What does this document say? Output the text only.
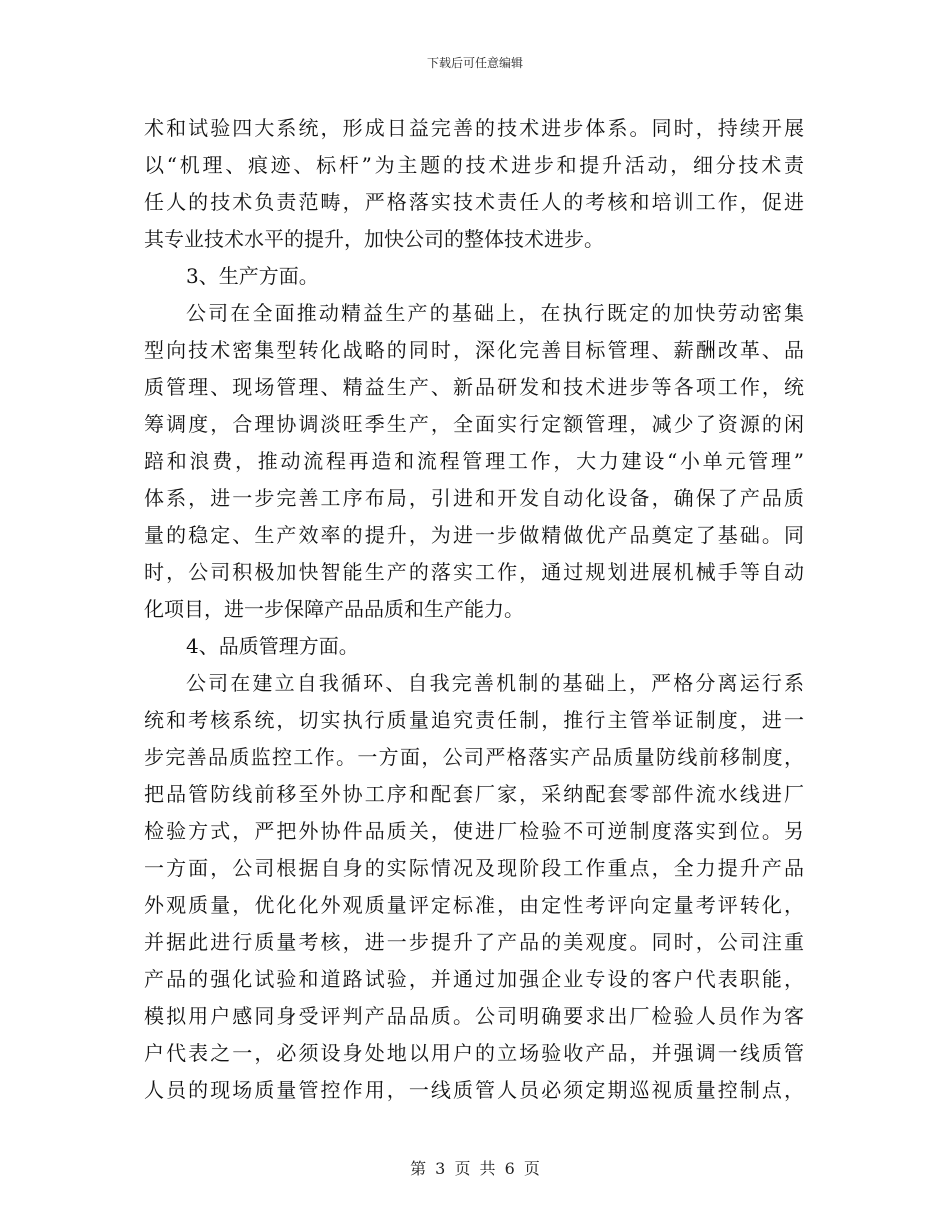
下载后可任意编辑
术和试验四大系统，形成日益完善的技术进步体系。同时，持续开展
以“机理、痕迹、标杆”为主题的技术进步和提升活动，细分技术责
任人的技术负责范畴，严格落实技术责任人的考核和培训工作，促进
其专业技术水平的提升，加快公司的整体技术进步。
3、生产方面。
公司在全面推动精益生产的基础上，在执行既定的加快劳动密集
型向技术密集型转化战略的同时，深化完善目标管理、薪酬改革、品
质管理、现场管理、精益生产、新品研发和技术进步等各项工作，统
筹调度，合理协调淡旺季生产，全面实行定额管理，减少了资源的闲
踣和浪费，推动流程再造和流程管理工作，大力建设“小单元管理”
体系，进一步完善工序布局，引进和开发自动化设备，确保了产品质
量的稳定、生产效率的提升，为进一步做精做优产品奠定了基础。同
时，公司积极加快智能生产的落实工作，通过规划进展机械手等自动
化项目，进一步保障产品品质和生产能力。
4、品质管理方面。
公司在建立自我循环、自我完善机制的基础上，严格分离运行系
统和考核系统，切实执行质量追究责任制，推行主管举证制度，进一
步完善品质监控工作。一方面，公司严格落实产品质量防线前移制度，
把品管防线前移至外协工序和配套厂家，采纳配套零部件流水线进厂
检验方式，严把外协件品质关，使进厂检验不可逆制度落实到位。另
一方面，公司根据自身的实际情况及现阶段工作重点，全力提升产品
外观质量，优化化外观质量评定标准，由定性考评向定量考评转化，
并据此进行质量考核，进一步提升了产品的美观度。同时，公司注重
产品的强化试验和道路试验，并通过加强企业专设的客户代表职能，
模拟用户感同身受评判产品品质。公司明确要求出厂检验人员作为客
户代表之一，必须设身处地以用户的立场验收产品，并强调一线质管
人员的现场质量管控作用，一线质管人员必须定期巡视质量控制点，
第 3 页 共 6 页
